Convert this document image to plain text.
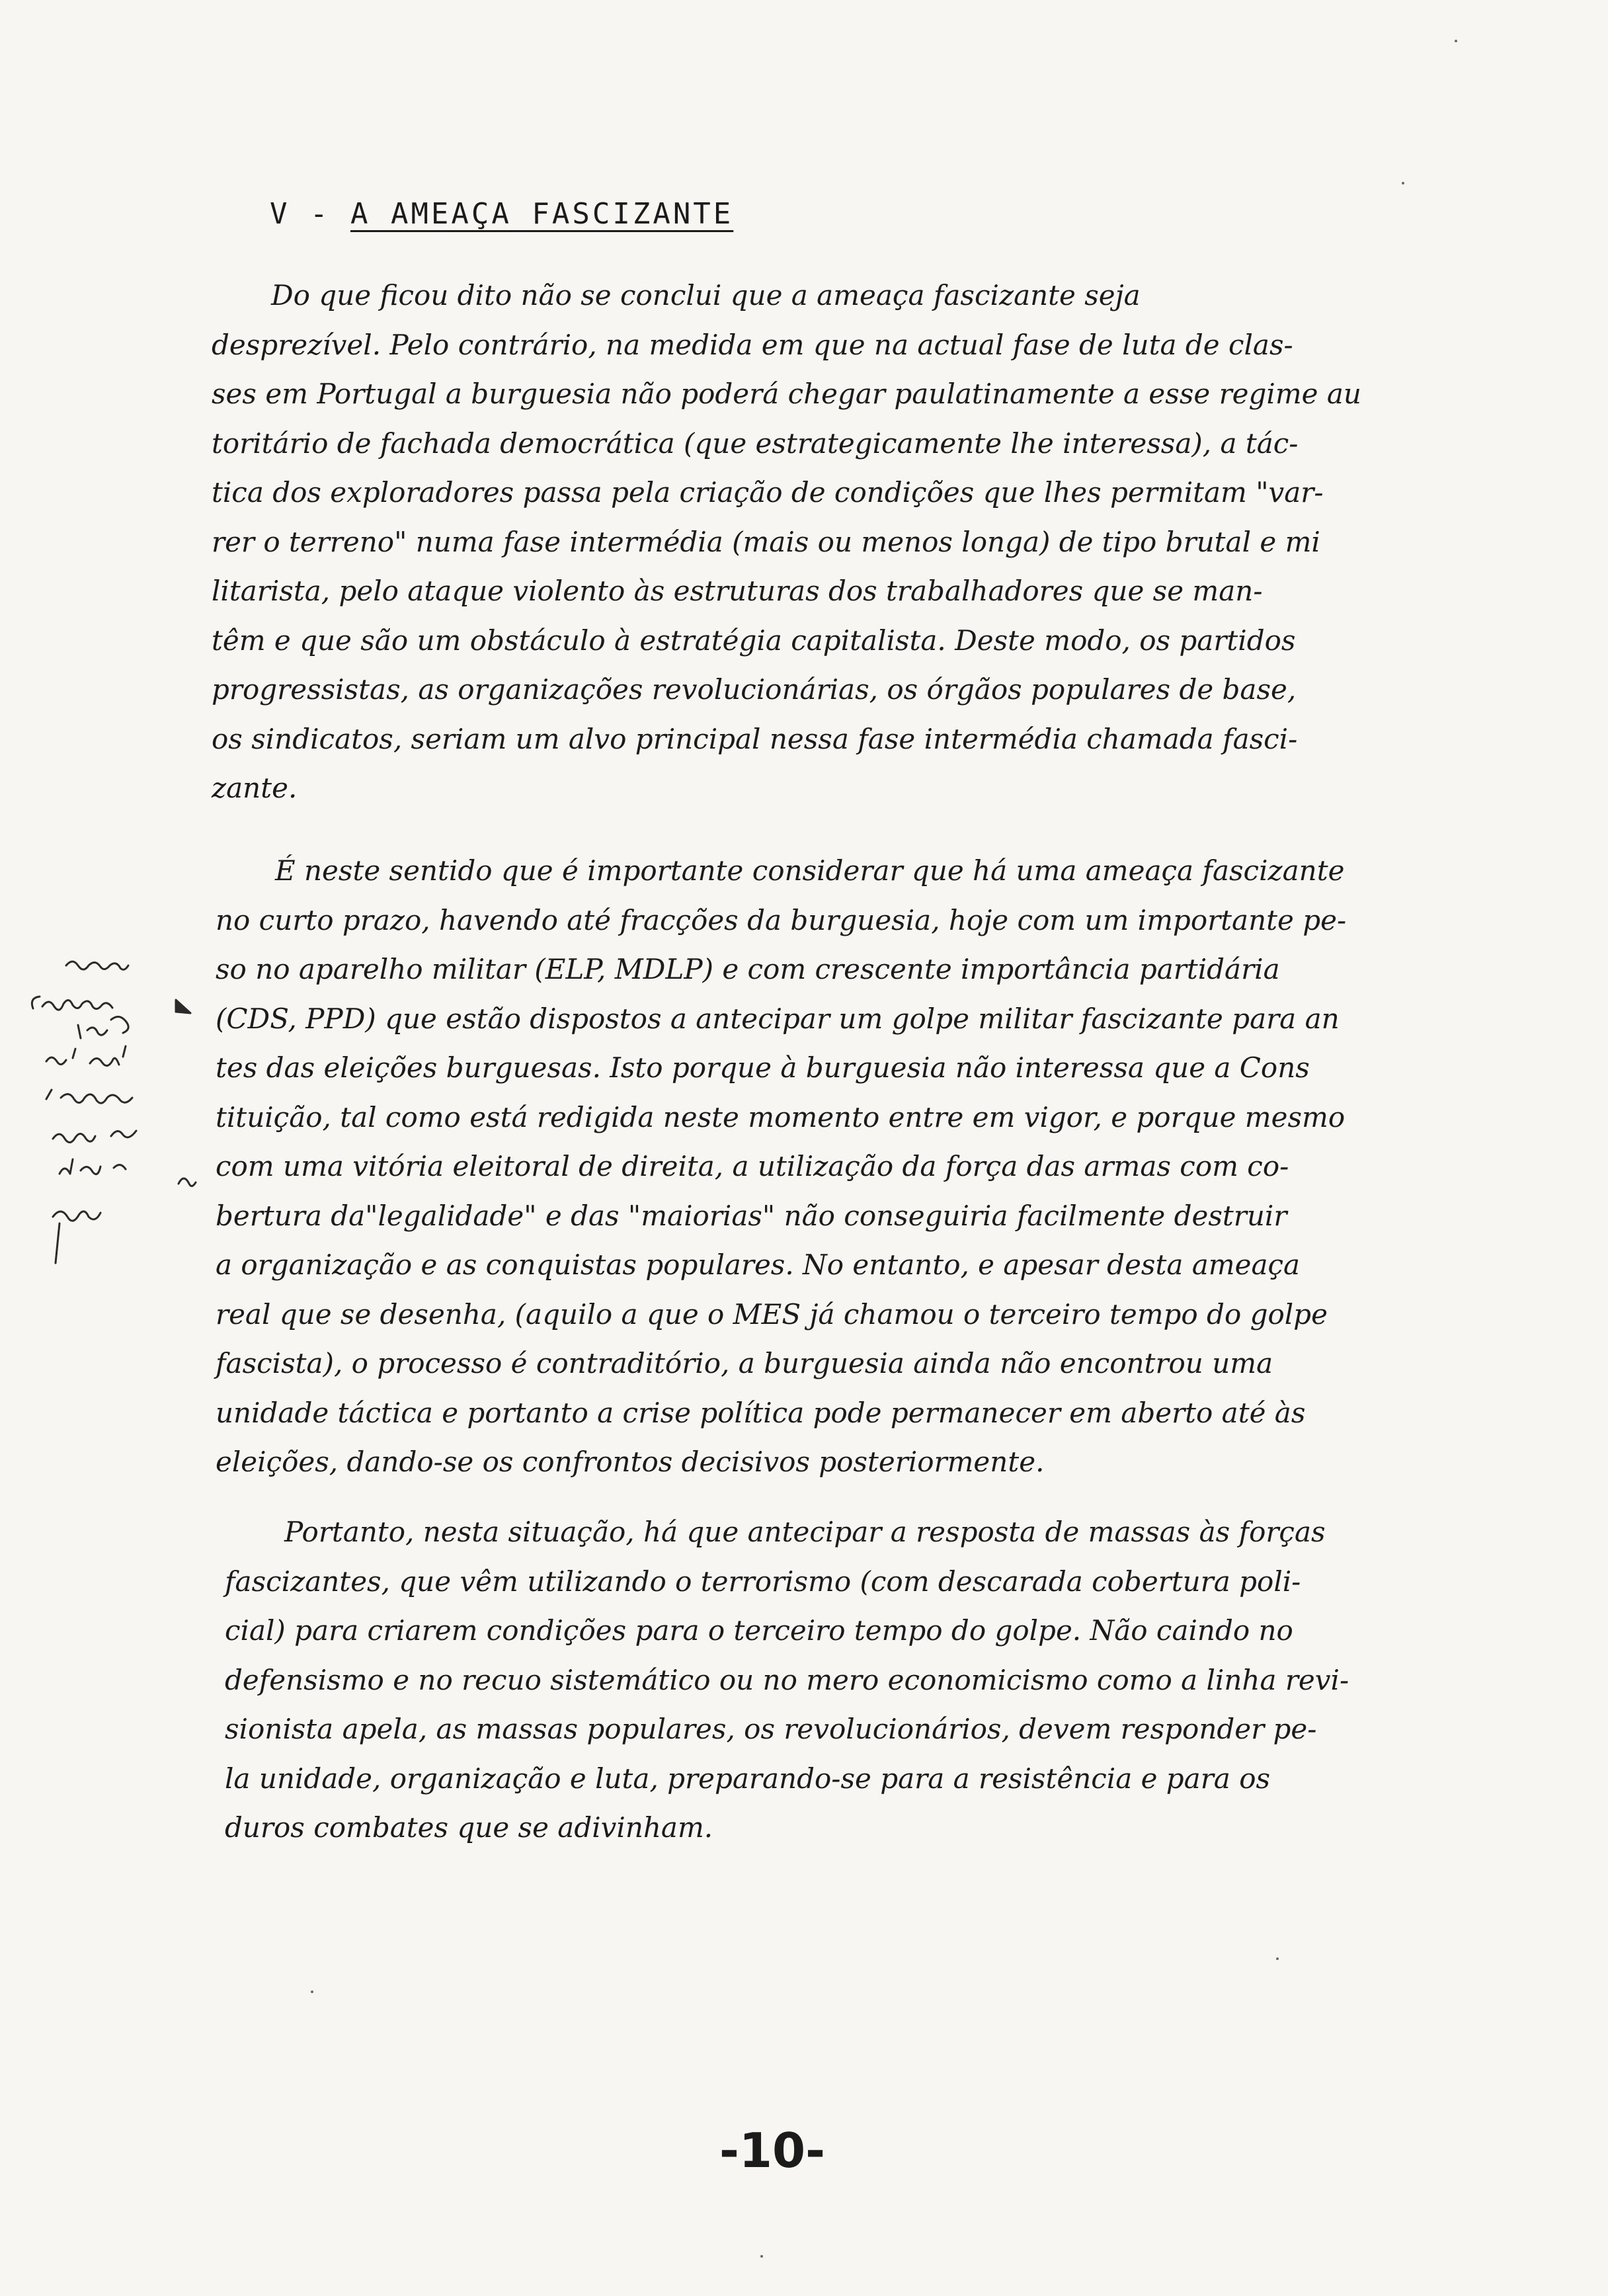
V - A AMEAÇA FASCIZANTE
Do que ficou dito não se conclui que a ameaça fascizante seja
desprezível. Pelo contrário, na medida em que na actual fase de luta de clas-
ses em Portugal a burguesia não poderá chegar paulatinamente a esse regime au
toritário de fachada democrática (que estrategicamente lhe interessa), a tác-
tica dos exploradores passa pela criação de condições que lhes permitam "var-
rer o terreno" numa fase intermédia (mais ou menos longa) de tipo brutal e mi
litarista, pelo ataque violento às estruturas dos trabalhadores que se man-
têm e que são um obstáculo à estratégia capitalista. Deste modo, os partidos
progressistas, as organizações revolucionárias, os órgãos populares de base,
os sindicatos, seriam um alvo principal nessa fase intermédia chamada fasci-
zante.
É neste sentido que é importante considerar que há uma ameaça fascizante
no curto prazo, havendo até fracções da burguesia, hoje com um importante pe-
so no aparelho militar (ELP, MDLP) e com crescente importância partidária
(CDS, PPD) que estão dispostos a antecipar um golpe militar fascizante para an
tes das eleições burguesas. Isto porque à burguesia não interessa que a Cons
tituição, tal como está redigida neste momento entre em vigor, e porque mesmo
com uma vitória eleitoral de direita, a utilização da força das armas com co-
bertura da"legalidade" e das "maiorias" não conseguiria facilmente destruir
a organização e as conquistas populares. No entanto, e apesar desta ameaça
real que se desenha, (aquilo a que o MES já chamou o terceiro tempo do golpe
fascista), o processo é contraditório, a burguesia ainda não encontrou uma
unidade táctica e portanto a crise política pode permanecer em aberto até às
eleições, dando-se os confrontos decisivos posteriormente.
Portanto, nesta situação, há que antecipar a resposta de massas às forças
fascizantes, que vêm utilizando o terrorismo (com descarada cobertura poli-
cial) para criarem condições para o terceiro tempo do golpe. Não caindo no
defensismo e no recuo sistemático ou no mero economicismo como a linha revi-
sionista apela, as massas populares, os revolucionários, devem responder pe-
la unidade, organização e luta, preparando-se para a resistência e para os
duros combates que se adivinham.
-10-
